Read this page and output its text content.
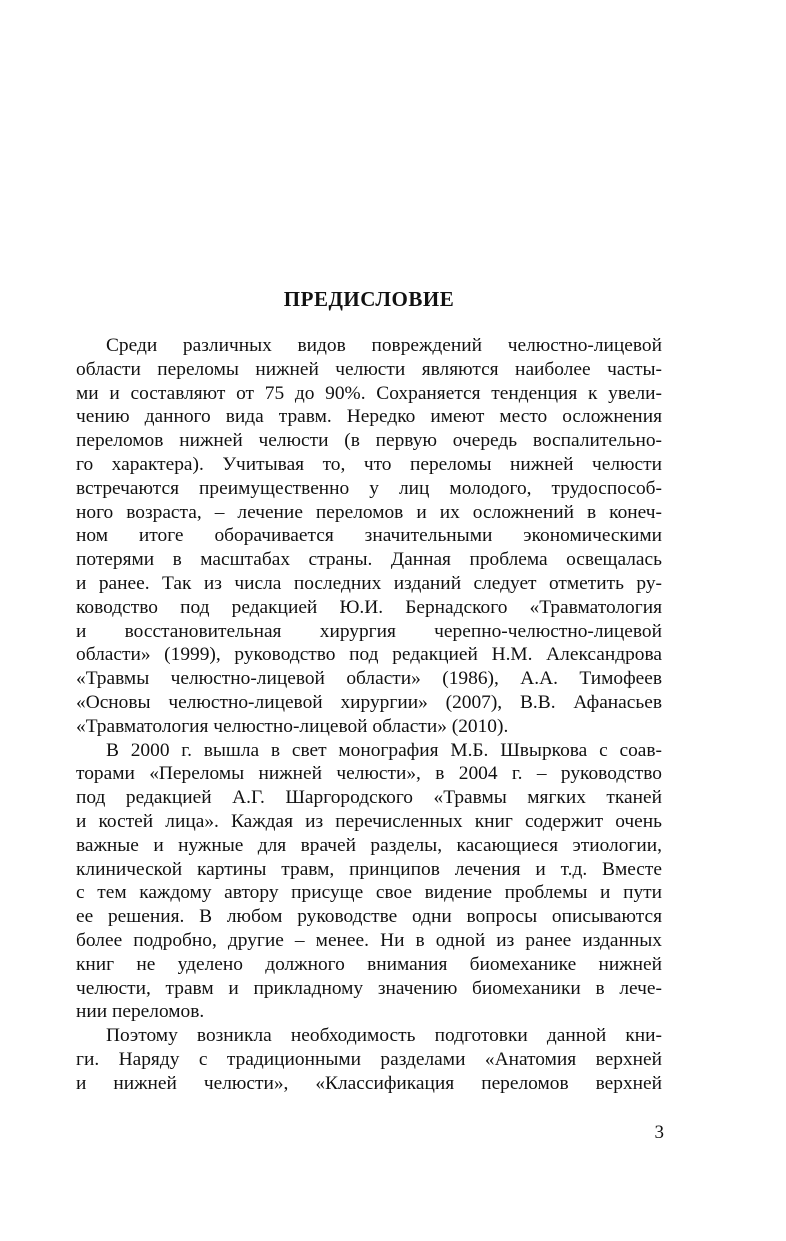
ПРЕДИСЛОВИЕ

Среди различных видов повреждений челюстно-лицевой
области переломы нижней челюсти являются наиболее часты-
ми и составляют от 75 до 90%. Сохраняется тенденция к увели-
чению данного вида травм. Нередко имеют место осложнения
переломов нижней челюсти (в первую очередь воспалительно-
го характера). Учитывая то, что переломы нижней челюсти
встречаются преимущественно у лиц молодого, трудоспособ-
ного возраста, – лечение переломов и их осложнений в конеч-
ном итоге оборачивается значительными экономическими
потерями в масштабах страны. Данная проблема освещалась
и ранее. Так из числа последних изданий следует отметить ру-
ководство под редакцией Ю.И. Бернадского «Травматология
и восстановительная хирургия черепно-челюстно-лицевой
области» (1999), руководство под редакцией Н.М. Александрова
«Травмы челюстно-лицевой области» (1986), А.А. Тимофеев
«Основы челюстно-лицевой хирургии» (2007), В.В. Афанасьев
«Травматология челюстно-лицевой области» (2010).

В 2000 г. вышла в свет монография М.Б. Швыркова с соав-
торами «Переломы нижней челюсти», в 2004 г. – руководство
под редакцией А.Г. Шаргородского «Травмы мягких тканей
и костей лица». Каждая из перечисленных книг содержит очень
важные и нужные для врачей разделы, касающиеся этиологии,
клинической картины травм, принципов лечения и т.д. Вместе
с тем каждому автору присуще свое видение проблемы и пути
ее решения. В любом руководстве одни вопросы описываются
более подробно, другие – менее. Ни в одной из ранее изданных
книг не уделено должного внимания биомеханике нижней
челюсти, травм и прикладному значению биомеханики в лече-
нии переломов.

Поэтому возникла необходимость подготовки данной кни-
ги. Наряду с традиционными разделами «Анатомия верхней
и нижней челюсти», «Классификация переломов верхней

3
